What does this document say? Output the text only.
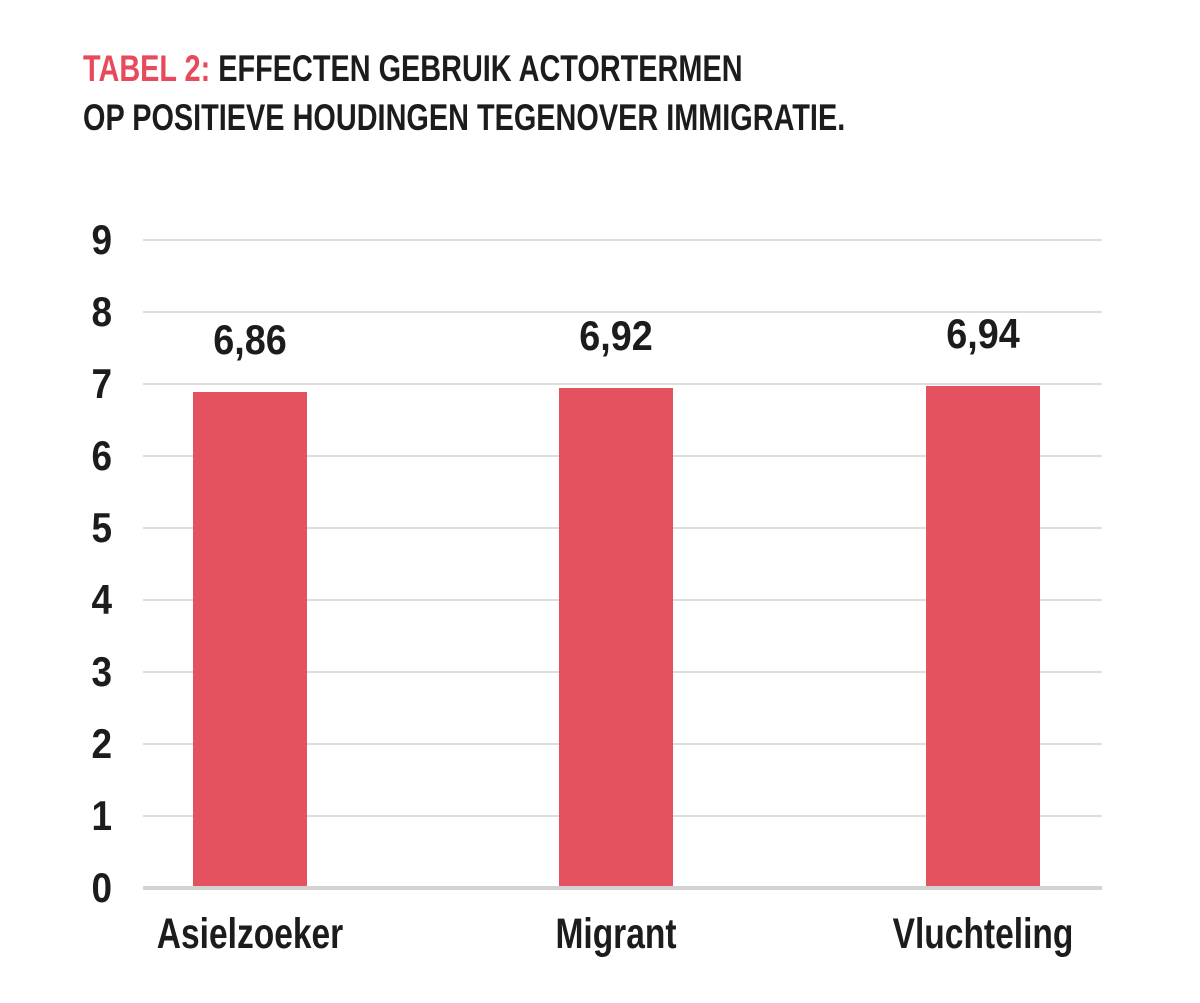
TABEL 2: EFFECTEN GEBRUIK ACTORTERMEN
OP POSITIEVE HOUDINGEN TEGENOVER IMMIGRATIE.
0
1
2
3
4
5
6
7
8
9
6,86
Asielzoeker
6,92
Migrant
6,94
Vluchteling
